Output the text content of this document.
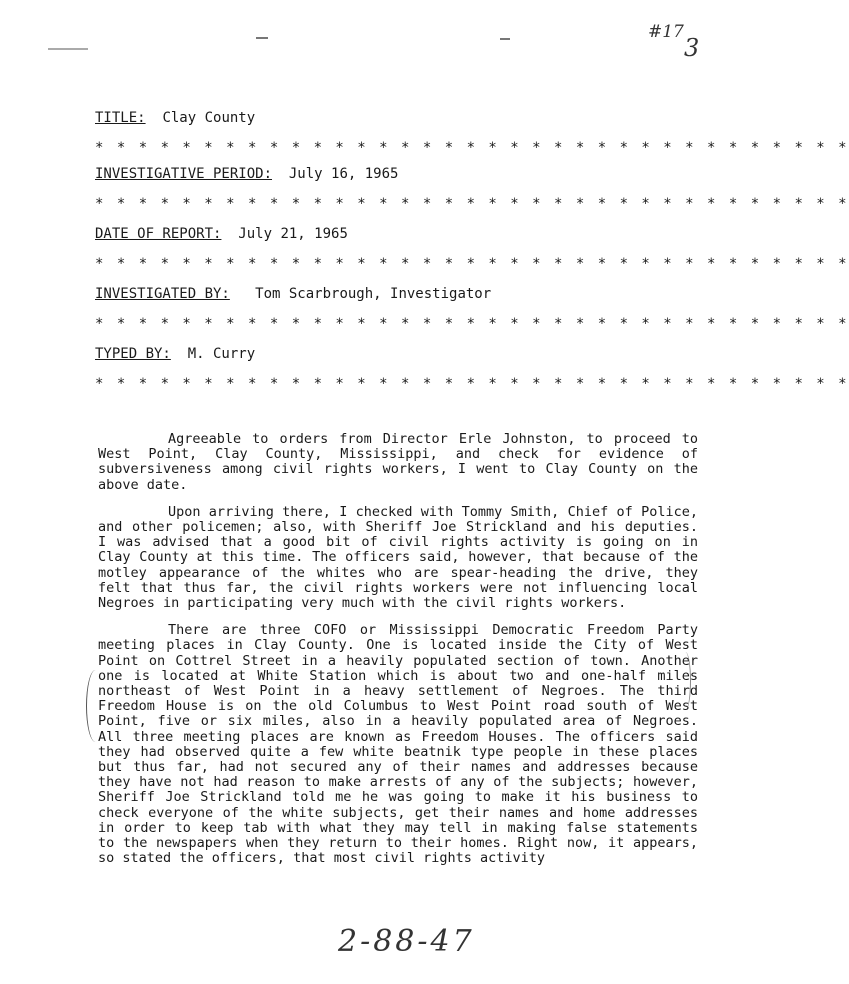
#17
3
TITLE: Clay County
* * * * * * * * * * * * * * * * * * * * * * * * * * * * * * * * * * *
INVESTIGATIVE PERIOD: July 16, 1965
* * * * * * * * * * * * * * * * * * * * * * * * * * * * * * * * * * *
DATE OF REPORT: July 21, 1965
* * * * * * * * * * * * * * * * * * * * * * * * * * * * * * * * * * *
INVESTIGATED BY: Tom Scarbrough, Investigator
* * * * * * * * * * * * * * * * * * * * * * * * * * * * * * * * * * *
TYPED BY: M. Curry
* * * * * * * * * * * * * * * * * * * * * * * * * * * * * * * * * * *

Agreeable to orders from Director Erle Johnston, to proceed to West Point, Clay County, Mississippi, and check for evidence of subversiveness among civil rights workers, I went to Clay County on the above date.

Upon arriving there, I checked with Tommy Smith, Chief of Police, and other policemen; also, with Sheriff Joe Strickland and his deputies. I was advised that a good bit of civil rights activity is going on in Clay County at this time. The officers said, however, that because of the motley appearance of the whites who are spear-heading the drive, they felt that thus far, the civil rights workers were not influencing local Negroes in participating very much with the civil rights workers.

There are three COFO or Mississippi Democratic Freedom Party meeting places in Clay County. One is located inside the City of West Point on Cottrel Street in a heavily populated section of town. Another one is located at White Station which is about two and one-half miles northeast of West Point in a heavy settlement of Negroes. The third Freedom House is on the old Columbus to West Point road south of West Point, five or six miles, also in a heavily populated area of Negroes. All three meeting places are known as Freedom Houses. The officers said they had observed quite a few white beatnik type people in these places but thus far, had not secured any of their names and addresses because they have not had reason to make arrests of any of the subjects; however, Sheriff Joe Strickland told me he was going to make it his business to check everyone of the white subjects, get their names and home addresses in order to keep tab with what they may tell in making false statements to the newspapers when they return to their homes. Right now, it appears, so stated the officers, that most civil rights activity

2-88-47
